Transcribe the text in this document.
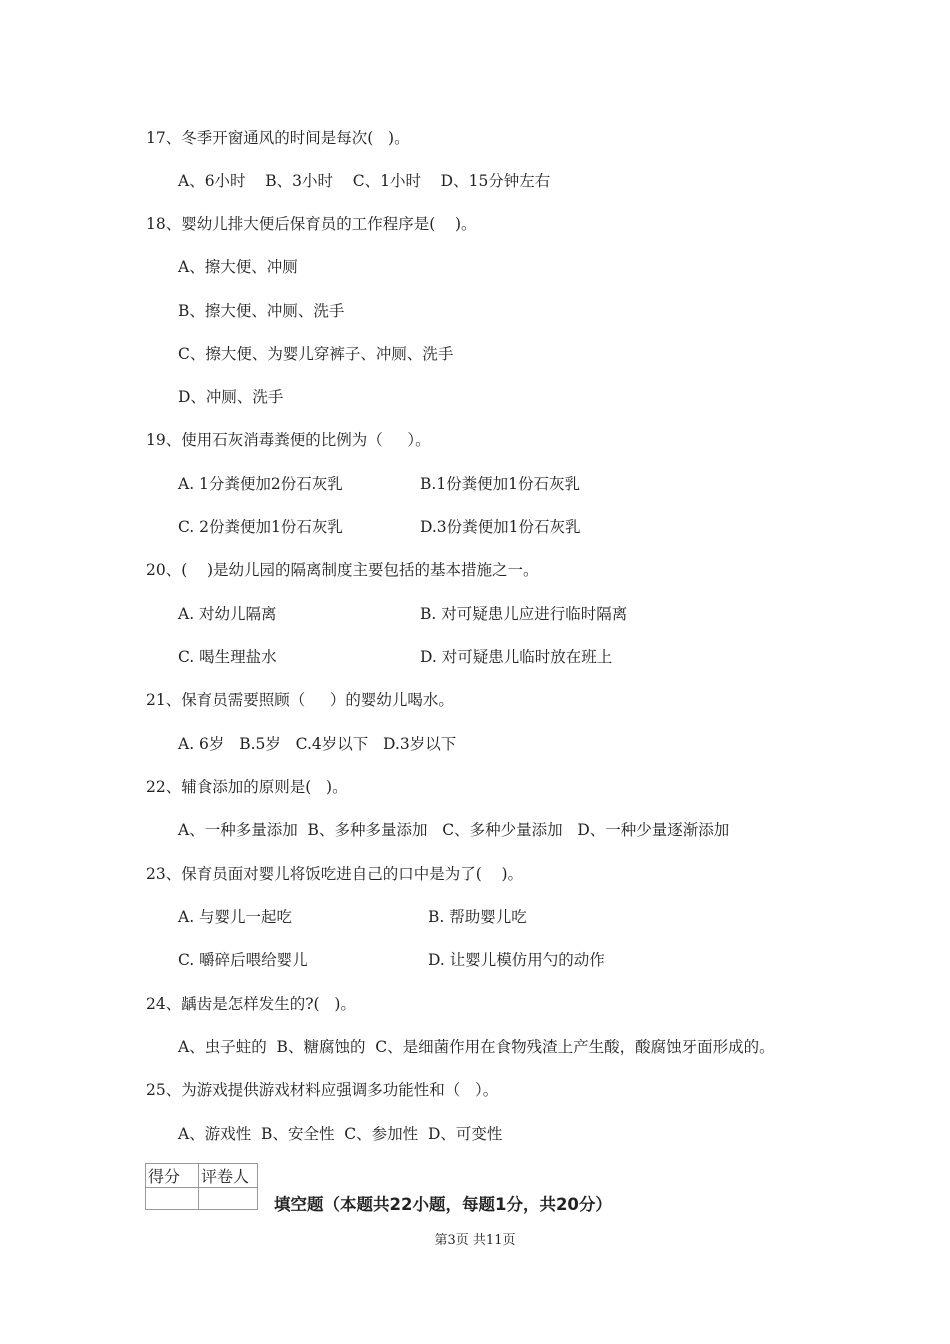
17、冬季开窗通风的时间是每次(   )。
A、6小时    B、3小时    C、1小时    D、15分钟左右
18、婴幼儿排大便后保育员的工作程序是(    )。
A、擦大便、冲厕
B、擦大便、冲厕、洗手
C、擦大便、为婴儿穿裤子、冲厕、洗手
D、冲厕、洗手
19、使用石灰消毒粪便的比例为（     ）。
A. 1分粪便加2份石灰乳	B.1份粪便加1份石灰乳
C. 2份粪便加1份石灰乳	D.3份粪便加1份石灰乳
20、(    )是幼儿园的隔离制度主要包括的基本措施之一。
A. 对幼儿隔离	B. 对可疑患儿应进行临时隔离
C. 喝生理盐水	D. 对可疑患儿临时放在班上
21、保育员需要照顾（     ）的婴幼儿喝水。
A. 6岁   B.5岁   C.4岁以下   D.3岁以下
22、辅食添加的原则是(   )。
A、一种多量添加  B、多种多量添加   C、多种少量添加   D、一种少量逐渐添加
23、保育员面对婴儿将饭吃进自己的口中是为了(    )。
A. 与婴儿一起吃	B. 帮助婴儿吃
C. 嚼碎后喂给婴儿	D. 让婴儿模仿用勺的动作
24、龋齿是怎样发生的?(   )。
A、虫子蛀的  B、糖腐蚀的  C、是细菌作用在食物残渣上产生酸，酸腐蚀牙面形成的。
25、为游戏提供游戏材料应强调多功能性和（   ）。
A、游戏性  B、安全性  C、参加性  D、可变性
得分	评卷人

填空题（本题共22小题，每题1分，共20分）
第3页 共11页
